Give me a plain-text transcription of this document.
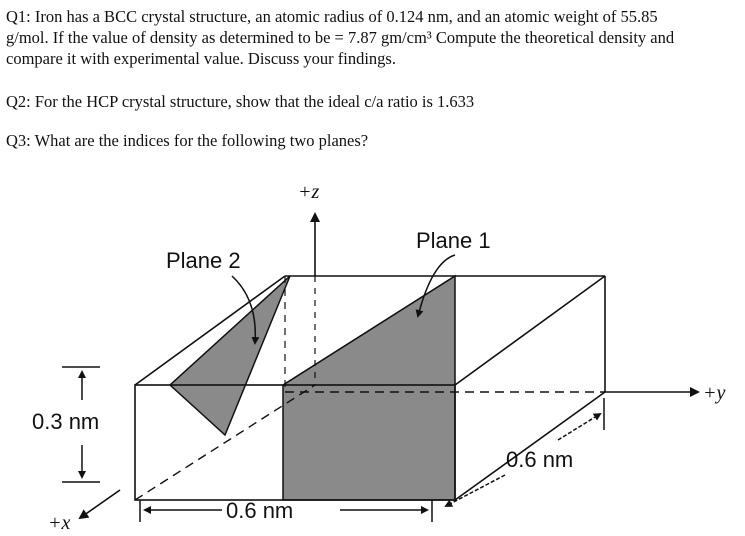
Q1: Iron has a BCC crystal structure, an atomic radius of 0.124 nm, and an atomic weight of 55.85
g/mol. If the value of density as determined to be = 7.87 gm/cm³ Compute the theoretical density and
compare it with experimental value. Discuss your findings.
Q2: For the HCP crystal structure, show that the ideal c/a ratio is 1.633
Q3: What are the indices for the following two planes?
Plane 1
Plane 2
+z
+y
+x
0.3 nm
0.6 nm
0.6 nm
